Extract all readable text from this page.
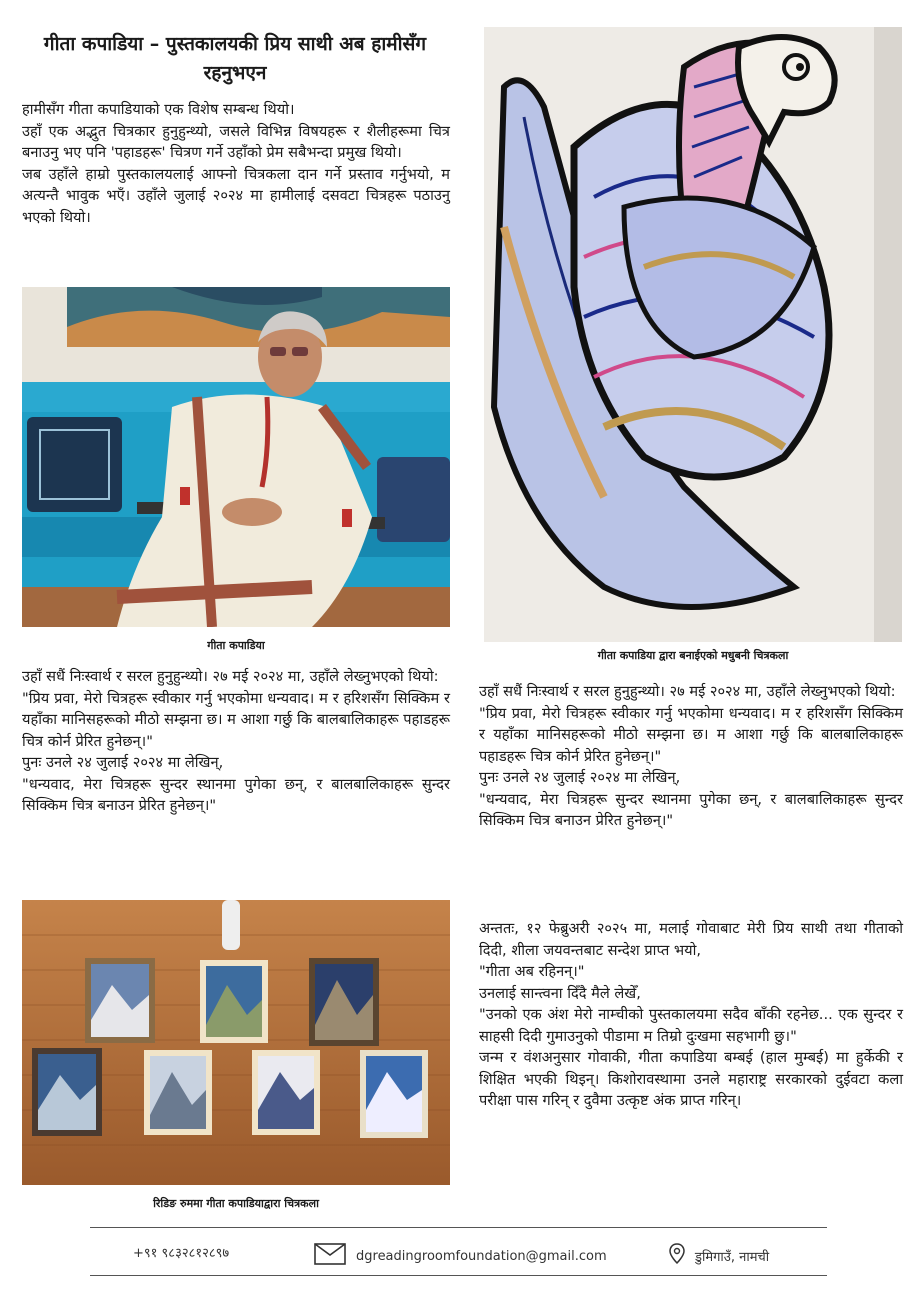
गीता कपाडिया – पुस्तकालयकी प्रिय साथी अब हामीसँग रहनुभएन

हामीसँग गीता कपाडियाको एक विशेष सम्बन्ध थियो।

उहाँ एक अद्भुत चित्रकार हुनुहुन्थ्यो, जसले विभिन्न विषयहरू र शैलीहरूमा चित्र बनाउनु भए पनि 'पहाडहरू' चित्रण गर्ने उहाँको प्रेम सबैभन्दा प्रमुख थियो।

जब उहाँले हाम्रो पुस्तकालयलाई आफ्नो चित्रकला दान गर्ने प्रस्ताव गर्नुभयो, म अत्यन्तै भावुक भएँ। उहाँले जुलाई २०२४ मा हामीलाई दसवटा चित्रहरू पठाउनु भएको थियो।

गीता कपाडिया
गीता कपाडिया द्वारा बनाईएको मधुबनी चित्रकला

उहाँ सधैं निःस्वार्थ र सरल हुनुहुन्थ्यो। २७ मई २०२४ मा, उहाँले लेख्नुभएको थियो:

"प्रिय प्रवा, मेरो चित्रहरू स्वीकार गर्नु भएकोमा धन्यवाद। म र हरिशसँग सिक्किम र यहाँका मानिसहरूको मीठो सम्झना छ। म आशा गर्छु कि बालबालिकाहरू पहाडहरू चित्र कोर्न प्रेरित हुनेछन्।"

पुनः उनले २४ जुलाई २०२४ मा लेखिन्,

"धन्यवाद, मेरा चित्रहरू सुन्दर स्थानमा पुगेका छन्, र बालबालिकाहरू सुन्दर सिक्किम चित्र बनाउन प्रेरित हुनेछन्।"

उहाँ सधैं निःस्वार्थ र सरल हुनुहुन्थ्यो। २७ मई २०२४ मा, उहाँले लेख्नुभएको थियो:

"प्रिय प्रवा, मेरो चित्रहरू स्वीकार गर्नु भएकोमा धन्यवाद। म र हरिशसँग सिक्किम र यहाँका मानिसहरूको मीठो सम्झना छ। म आशा गर्छु कि बालबालिकाहरू पहाडहरू चित्र कोर्न प्रेरित हुनेछन्।"

पुनः उनले २४ जुलाई २०२४ मा लेखिन्,

"धन्यवाद, मेरा चित्रहरू सुन्दर स्थानमा पुगेका छन्, र बालबालिकाहरू सुन्दर सिक्किम चित्र बनाउन प्रेरित हुनेछन्।"

अन्ततः, १२ फेब्रुअरी २०२५ मा, मलाई गोवाबाट मेरी प्रिय साथी तथा गीताको दिदी, शीला जयवन्तबाट सन्देश प्राप्त भयो,

"गीता अब रहिनन्।"

उनलाई सान्त्वना दिँदै मैले लेखेँ,

"उनको एक अंश मेरो नाम्चीको पुस्तकालयमा सदैव बाँकी रहनेछ... एक सुन्दर र साहसी दिदी गुमाउनुको पीडामा म तिम्रो दुःखमा सहभागी छु।"

जन्म र वंशअनुसार गोवाकी, गीता कपाडिया बम्बई (हाल मुम्बई) मा हुर्केकी र शिक्षित भएकी थिइन्। किशोरावस्थामा उनले महाराष्ट्र सरकारको दुईवटा कला परीक्षा पास गरिन् र दुवैमा उत्कृष्ट अंक प्राप्त गरिन्।

रिडिङ रुममा गीता कपाडियाद्वारा चित्रकला
+९१ ९८३२८१२८९७	dgreadingroomfoundation@gmail.com	डुमिगाउँ, नामची
